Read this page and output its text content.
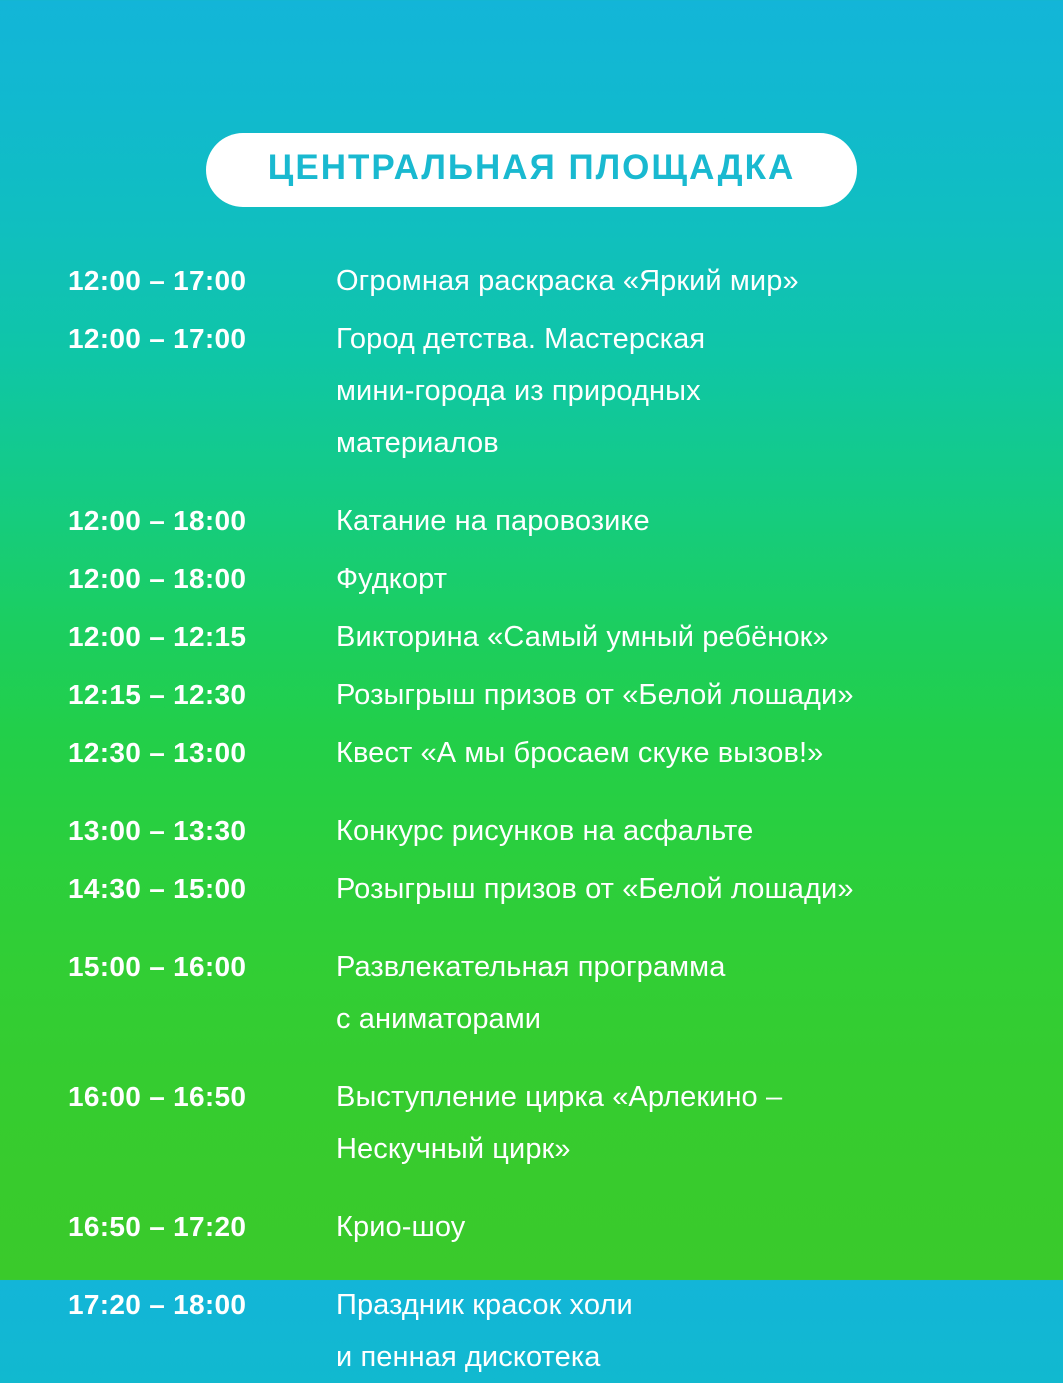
ЦЕНТРАЛЬНАЯ ПЛОЩАДКА
12:00 – 17:00	Огромная раскраска «Яркий мир»
12:00 – 17:00	Город детства. Мастерская
мини-города из природных
материалов
12:00 – 18:00	Катание на паровозике
12:00 – 18:00	Фудкорт
12:00 – 12:15	Викторина «Самый умный ребёнок»
12:15 – 12:30	Розыгрыш призов от «Белой лошади»
12:30 – 13:00	Квест «А мы бросаем скуке вызов!»
13:00 – 13:30	Конкурс рисунков на асфальте
14:30 – 15:00	Розыгрыш призов от «Белой лошади»
15:00 – 16:00	Развлекательная программа
с аниматорами
16:00 – 16:50	Выступление цирка «Арлекино –
Нескучный цирк»
16:50 – 17:20	Крио-шоу
17:20 – 18:00	Праздник красок холи
и пенная дискотека
